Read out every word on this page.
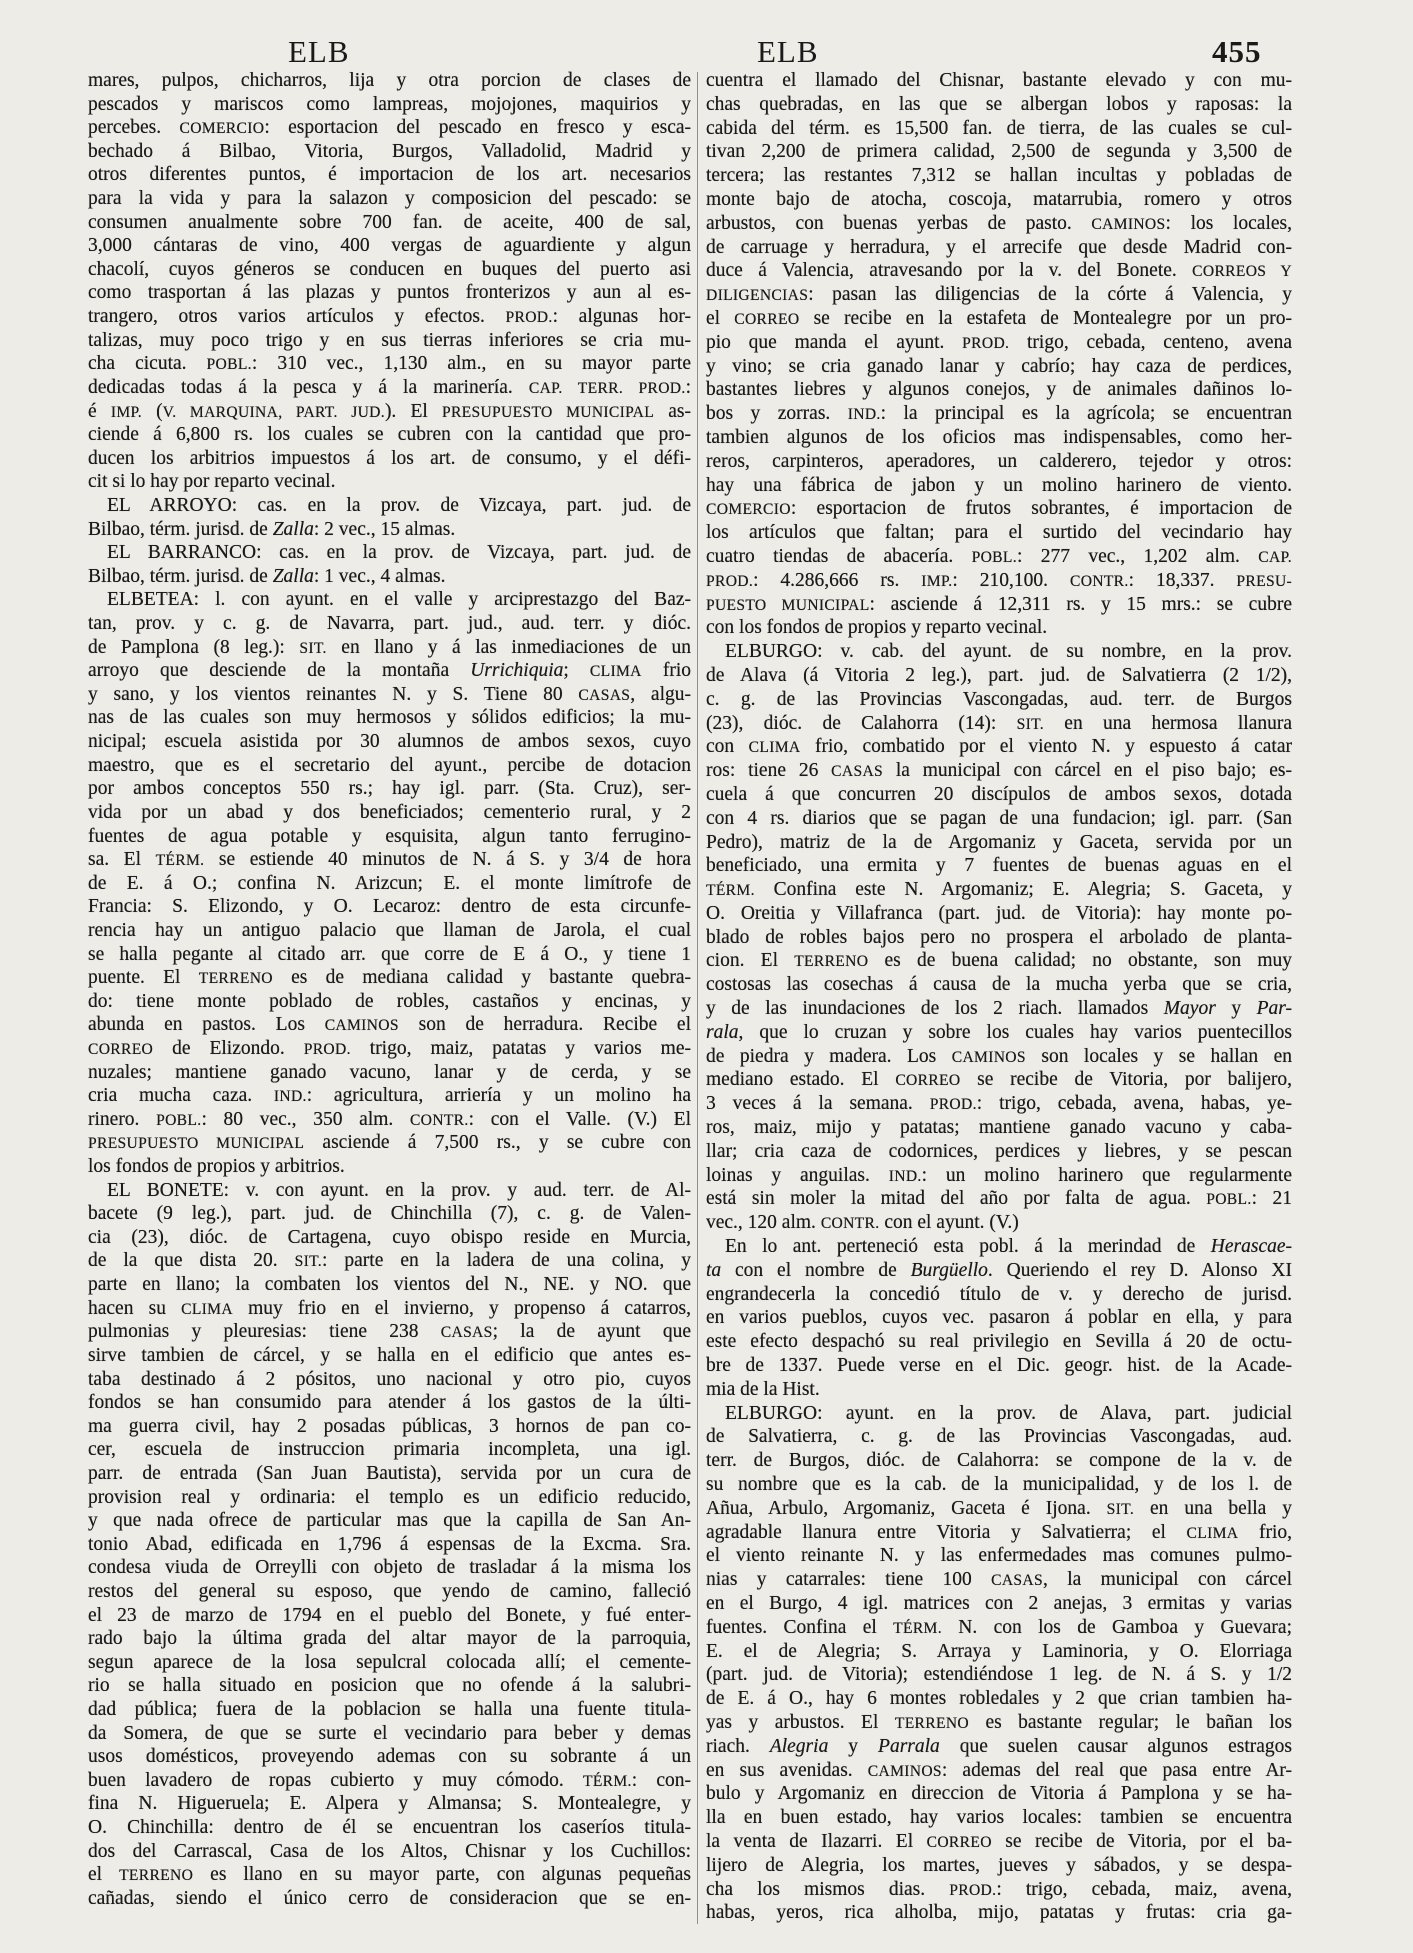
ELB	ELB	455
mares, pulpos, chicharros, lija y otra porcion de clases de
pescados y mariscos como lampreas, mojojones, maquirios y
percebes. COMERCIO: esportacion del pescado en fresco y esca-
bechado á Bilbao, Vitoria, Burgos, Valladolid, Madrid y
otros diferentes puntos, é importacion de los art. necesarios
para la vida y para la salazon y composicion del pescado: se
consumen anualmente sobre 700 fan. de aceite, 400 de sal,
3,000 cántaras de vino, 400 vergas de aguardiente y algun
chacolí, cuyos géneros se conducen en buques del puerto asi
como trasportan á las plazas y puntos fronterizos y aun al es-
trangero, otros varios artículos y efectos. PROD.: algunas hor-
talizas, muy poco trigo y en sus tierras inferiores se cria mu-
cha cicuta. POBL.: 310 vec., 1,130 alm., en su mayor parte
dedicadas todas á la pesca y á la marinería. CAP. TERR. PROD.:
é IMP. (V. MARQUINA, PART. JUD.). El PRESUPUESTO MUNICIPAL as-
ciende á 6,800 rs. los cuales se cubren con la cantidad que pro-
ducen los arbitrios impuestos á los art. de consumo, y el défi-
cit si lo hay por reparto vecinal.
EL ARROYO: cas. en la prov. de Vizcaya, part. jud. de
Bilbao, térm. jurisd. de Zalla: 2 vec., 15 almas.
EL BARRANCO: cas. en la prov. de Vizcaya, part. jud. de
Bilbao, térm. jurisd. de Zalla: 1 vec., 4 almas.
ELBETEA: l. con ayunt. en el valle y arciprestazgo del Baz-
tan, prov. y c. g. de Navarra, part. jud., aud. terr. y dióc.
de Pamplona (8 leg.): SIT. en llano y á las inmediaciones de un
arroyo que desciende de la montaña Urrichiquia; CLIMA frio
y sano, y los vientos reinantes N. y S. Tiene 80 CASAS, algu-
nas de las cuales son muy hermosos y sólidos edificios; la mu-
nicipal; escuela asistida por 30 alumnos de ambos sexos, cuyo
maestro, que es el secretario del ayunt., percibe de dotacion
por ambos conceptos 550 rs.; hay igl. parr. (Sta. Cruz), ser-
vida por un abad y dos beneficiados; cementerio rural, y 2
fuentes de agua potable y esquisita, algun tanto ferrugino-
sa. El TÉRM. se estiende 40 minutos de N. á S. y 3/4 de hora
de E. á O.; confina N. Arizcun; E. el monte limítrofe de
Francia: S. Elizondo, y O. Lecaroz: dentro de esta circunfe-
rencia hay un antiguo palacio que llaman de Jarola, el cual
se halla pegante al citado arr. que corre de E á O., y tiene 1
puente. El TERRENO es de mediana calidad y bastante quebra-
do: tiene monte poblado de robles, castaños y encinas, y
abunda en pastos. Los CAMINOS son de herradura. Recibe el
CORREO de Elizondo. PROD. trigo, maiz, patatas y varios me-
nuzales; mantiene ganado vacuno, lanar y de cerda, y se
cria mucha caza. IND.: agricultura, arriería y un molino ha
rinero. POBL.: 80 vec., 350 alm. CONTR.: con el Valle. (V.) El
PRESUPUESTO MUNICIPAL asciende á 7,500 rs., y se cubre con
los fondos de propios y arbitrios.
EL BONETE: v. con ayunt. en la prov. y aud. terr. de Al-
bacete (9 leg.), part. jud. de Chinchilla (7), c. g. de Valen-
cia (23), dióc. de Cartagena, cuyo obispo reside en Murcia,
de la que dista 20. SIT.: parte en la ladera de una colina, y
parte en llano; la combaten los vientos del N., NE. y NO. que
hacen su CLIMA muy frio en el invierno, y propenso á catarros,
pulmonias y pleuresias: tiene 238 CASAS; la de ayunt que
sirve tambien de cárcel, y se halla en el edificio que antes es-
taba destinado á 2 pósitos, uno nacional y otro pio, cuyos
fondos se han consumido para atender á los gastos de la últi-
ma guerra civil, hay 2 posadas públicas, 3 hornos de pan co-
cer, escuela de instruccion primaria incompleta, una igl.
parr. de entrada (San Juan Bautista), servida por un cura de
provision real y ordinaria: el templo es un edificio reducido,
y que nada ofrece de particular mas que la capilla de San An-
tonio Abad, edificada en 1,796 á espensas de la Excma. Sra.
condesa viuda de Orreylli con objeto de trasladar á la misma los
restos del general su esposo, que yendo de camino, falleció
el 23 de marzo de 1794 en el pueblo del Bonete, y fué enter-
rado bajo la última grada del altar mayor de la parroquia,
segun aparece de la losa sepulcral colocada allí; el cemente-
rio se halla situado en posicion que no ofende á la salubri-
dad pública; fuera de la poblacion se halla una fuente titula-
da Somera, de que se surte el vecindario para beber y demas
usos domésticos, proveyendo ademas con su sobrante á un
buen lavadero de ropas cubierto y muy cómodo. TÉRM.: con-
fina N. Higueruela; E. Alpera y Almansa; S. Montealegre, y
O. Chinchilla: dentro de él se encuentran los caseríos titula-
dos del Carrascal, Casa de los Altos, Chisnar y los Cuchillos:
el TERRENO es llano en su mayor parte, con algunas pequeñas
cañadas, siendo el único cerro de consideracion que se en-
cuentra el llamado del Chisnar, bastante elevado y con mu-
chas quebradas, en las que se albergan lobos y raposas: la
cabida del térm. es 15,500 fan. de tierra, de las cuales se cul-
tivan 2,200 de primera calidad, 2,500 de segunda y 3,500 de
tercera; las restantes 7,312 se hallan incultas y pobladas de
monte bajo de atocha, coscoja, matarrubia, romero y otros
arbustos, con buenas yerbas de pasto. CAMINOS: los locales,
de carruage y herradura, y el arrecife que desde Madrid con-
duce á Valencia, atravesando por la v. del Bonete. CORREOS Y
DILIGENCIAS: pasan las diligencias de la córte á Valencia, y
el CORREO se recibe en la estafeta de Montealegre por un pro-
pio que manda el ayunt. PROD. trigo, cebada, centeno, avena
y vino; se cria ganado lanar y cabrío; hay caza de perdices,
bastantes liebres y algunos conejos, y de animales dañinos lo-
bos y zorras. IND.: la principal es la agrícola; se encuentran
tambien algunos de los oficios mas indispensables, como her-
reros, carpinteros, aperadores, un calderero, tejedor y otros:
hay una fábrica de jabon y un molino harinero de viento.
COMERCIO: esportacion de frutos sobrantes, é importacion de
los artículos que faltan; para el surtido del vecindario hay
cuatro tiendas de abacería. POBL.: 277 vec., 1,202 alm. CAP.
PROD.: 4.286,666 rs. IMP.: 210,100. CONTR.: 18,337. PRESU-
PUESTO MUNICIPAL: asciende á 12,311 rs. y 15 mrs.: se cubre
con los fondos de propios y reparto vecinal.
ELBURGO: v. cab. del ayunt. de su nombre, en la prov.
de Alava (á Vitoria 2 leg.), part. jud. de Salvatierra (2 1/2),
c. g. de las Provincias Vascongadas, aud. terr. de Burgos
(23), dióc. de Calahorra (14): SIT. en una hermosa llanura
con CLIMA frio, combatido por el viento N. y espuesto á catar
ros: tiene 26 CASAS la municipal con cárcel en el piso bajo; es-
cuela á que concurren 20 discípulos de ambos sexos, dotada
con 4 rs. diarios que se pagan de una fundacion; igl. parr. (San
Pedro), matriz de la de Argomaniz y Gaceta, servida por un
beneficiado, una ermita y 7 fuentes de buenas aguas en el
TÉRM. Confina este N. Argomaniz; E. Alegria; S. Gaceta, y
O. Oreitia y Villafranca (part. jud. de Vitoria): hay monte po-
blado de robles bajos pero no prospera el arbolado de planta-
cion. El TERRENO es de buena calidad; no obstante, son muy
costosas las cosechas á causa de la mucha yerba que se cria,
y de las inundaciones de los 2 riach. llamados Mayor y Par-
rala, que lo cruzan y sobre los cuales hay varios puentecillos
de piedra y madera. Los CAMINOS son locales y se hallan en
mediano estado. El CORREO se recibe de Vitoria, por balijero,
3 veces á la semana. PROD.: trigo, cebada, avena, habas, ye-
ros, maiz, mijo y patatas; mantiene ganado vacuno y caba-
llar; cria caza de codornices, perdices y liebres, y se pescan
loinas y anguilas. IND.: un molino harinero que regularmente
está sin moler la mitad del año por falta de agua. POBL.: 21
vec., 120 alm. CONTR. con el ayunt. (V.)
En lo ant. perteneció esta pobl. á la merindad de Herascae-
ta con el nombre de Burgüello. Queriendo el rey D. Alonso XI
engrandecerla la concedió título de v. y derecho de jurisd.
en varios pueblos, cuyos vec. pasaron á poblar en ella, y para
este efecto despachó su real privilegio en Sevilla á 20 de octu-
bre de 1337. Puede verse en el Dic. geogr. hist. de la Acade-
mia de la Hist.
ELBURGO: ayunt. en la prov. de Alava, part. judicial
de Salvatierra, c. g. de las Provincias Vascongadas, aud.
terr. de Burgos, dióc. de Calahorra: se compone de la v. de
su nombre que es la cab. de la municipalidad, y de los l. de
Añua, Arbulo, Argomaniz, Gaceta é Ijona. SIT. en una bella y
agradable llanura entre Vitoria y Salvatierra; el CLIMA frio,
el viento reinante N. y las enfermedades mas comunes pulmo-
nias y catarrales: tiene 100 CASAS, la municipal con cárcel
en el Burgo, 4 igl. matrices con 2 anejas, 3 ermitas y varias
fuentes. Confina el TÉRM. N. con los de Gamboa y Guevara;
E. el de Alegria; S. Arraya y Laminoria, y O. Elorriaga
(part. jud. de Vitoria); estendiéndose 1 leg. de N. á S. y 1/2
de E. á O., hay 6 montes robledales y 2 que crian tambien ha-
yas y arbustos. El TERRENO es bastante regular; le bañan los
riach. Alegria y Parrala que suelen causar algunos estragos
en sus avenidas. CAMINOS: ademas del real que pasa entre Ar-
bulo y Argomaniz en direccion de Vitoria á Pamplona y se ha-
lla en buen estado, hay varios locales: tambien se encuentra
la venta de Ilazarri. El CORREO se recibe de Vitoria, por el ba-
lijero de Alegria, los martes, jueves y sábados, y se despa-
cha los mismos dias. PROD.: trigo, cebada, maiz, avena,
habas, yeros, rica alholba, mijo, patatas y frutas: cria ga-
